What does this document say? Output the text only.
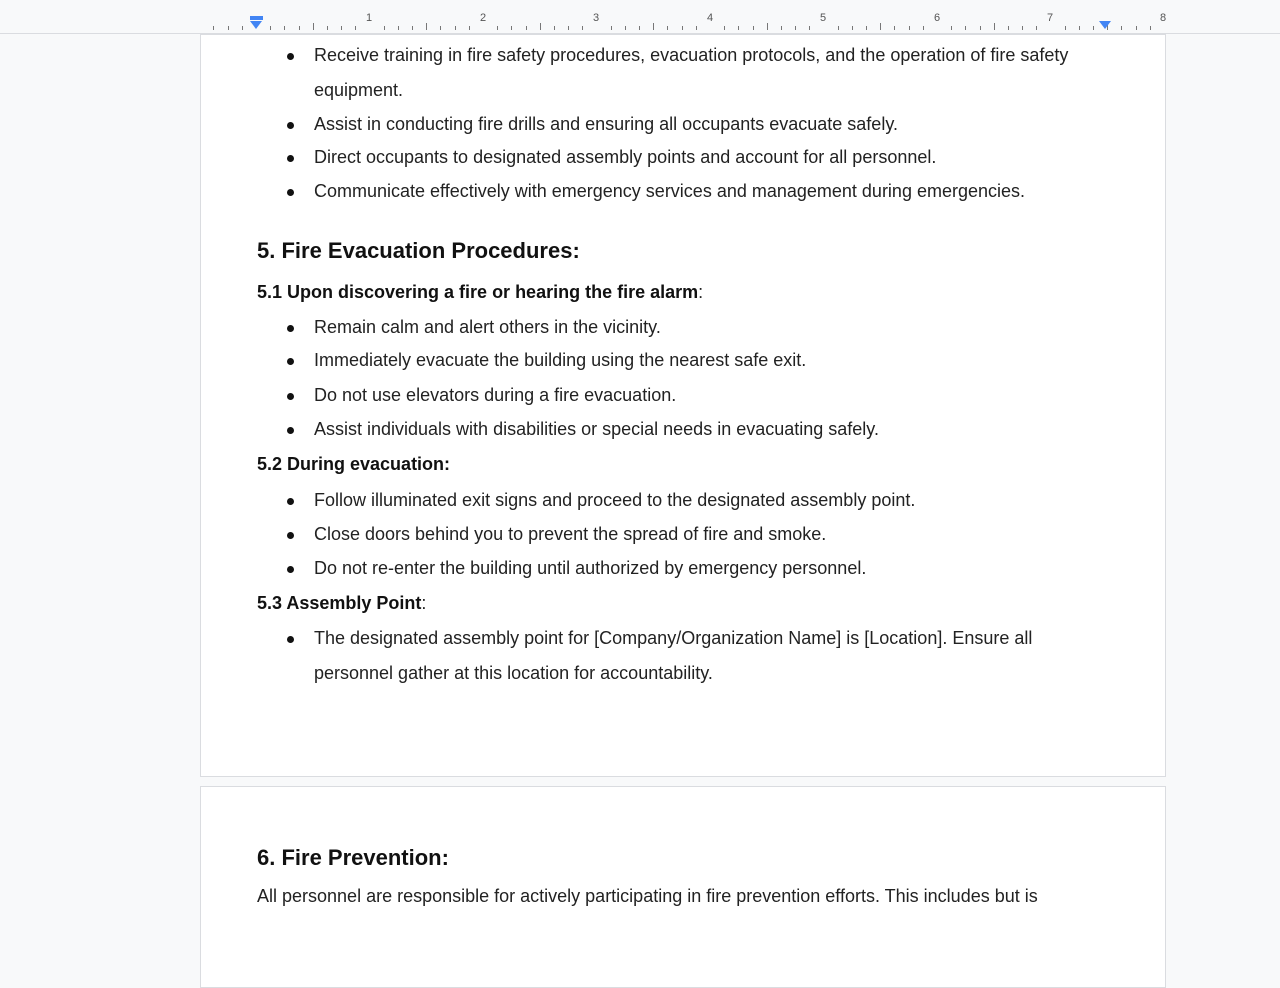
1	2	3	4	5	6	7	8
Receive training in fire safety procedures, evacuation protocols, and the operation of fire safety
equipment.
Assist in conducting fire drills and ensuring all occupants evacuate safely.
Direct occupants to designated assembly points and account for all personnel.
Communicate effectively with emergency services and management during emergencies.
5. Fire Evacuation Procedures:
5.1 Upon discovering a fire or hearing the fire alarm:
Remain calm and alert others in the vicinity.
Immediately evacuate the building using the nearest safe exit.
Do not use elevators during a fire evacuation.
Assist individuals with disabilities or special needs in evacuating safely.
5.2 During evacuation:
Follow illuminated exit signs and proceed to the designated assembly point.
Close doors behind you to prevent the spread of fire and smoke.
Do not re-enter the building until authorized by emergency personnel.
5.3 Assembly Point:
The designated assembly point for [Company/Organization Name] is [Location]. Ensure all
personnel gather at this location for accountability.
6. Fire Prevention:
All personnel are responsible for actively participating in fire prevention efforts. This includes but is
